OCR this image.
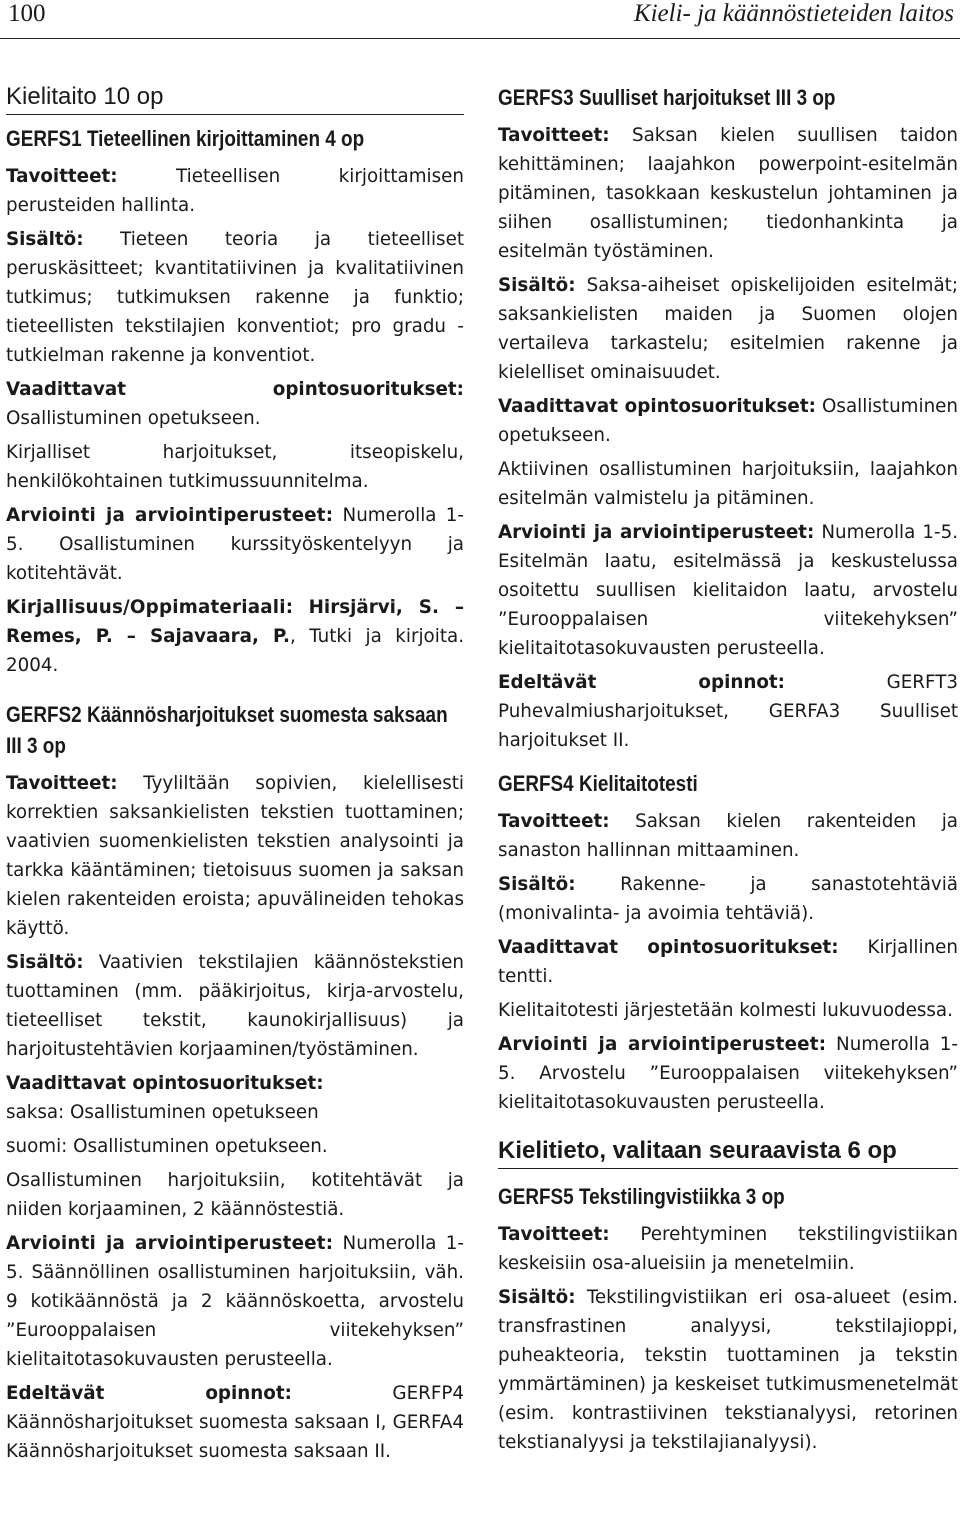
100	Kieli- ja käännöstieteiden laitos
Kielitaito 10 op
GERFS1 Tieteellinen kirjoittaminen 4 op

Tavoitteet:	Tieteellisen kirjoittamisen perusteiden hallinta.

Sisältö: Tieteen teoria ja tieteelliset peruskäsitteet; kvantitatiivinen ja kvalitatiivinen tutkimus; tutkimuksen rakenne ja funktio; tieteellisten tekstilajien konventiot; pro gradu -tutkielman rakenne ja konventiot.

Vaadittavat opintosuoritukset: Osallistuminen opetukseen.

Kirjalliset harjoitukset, itseopiskelu, henkilökohtainen tutkimussuunnitelma.

Arviointi ja arviointiperusteet: Numerolla 1-5. Osallistuminen kurssityöskentelyyn ja kotitehtävät.

Kirjallisuus/Oppimateriaali: Hirsjärvi, S. – Remes, P. – Sajavaara, P., Tutki ja kirjoita. 2004.

GERFS2 Käännösharjoitukset suomesta saksaan III 3 op

Tavoitteet: Tyyliltään sopivien, kielellisesti korrektien saksankielisten tekstien tuottaminen; vaativien suomenkielisten tekstien analysointi ja tarkka kääntäminen; tietoisuus suomen ja saksan kielen rakenteiden eroista; apuvälineiden tehokas käyttö.

Sisältö: Vaativien tekstilajien käännöstekstien tuottaminen (mm. pääkirjoitus, kirja-arvostelu, tieteelliset tekstit, kaunokirjallisuus) ja harjoitustehtävien korjaaminen/työstäminen.

Vaadittavat opintosuoritukset:

saksa: Osallistuminen opetukseen

suomi: Osallistuminen opetukseen.

Osallistuminen harjoituksiin, kotitehtävät ja niiden korjaaminen, 2 käännöstestiä.

Arviointi ja arviointiperusteet: Numerolla 1-5. Säännöllinen osallistuminen harjoituksiin, väh. 9 kotikäännöstä ja 2 käännöskoetta, arvostelu ”Eurooppalaisen viitekehyksen” kielitaitotasokuvausten perusteella.

Edeltävät opinnot:	GERFP4 Käännösharjoitukset suomesta saksaan I, GERFA4 Käännösharjoitukset suomesta saksaan II.

GERFS3 Suulliset harjoitukset III 3 op

Tavoitteet: Saksan kielen suullisen taidon kehittäminen; laajahkon powerpoint-esitelmän pitäminen, tasokkaan keskustelun johtaminen ja siihen osallistuminen; tiedonhankinta ja esitelmän työstäminen.

Sisältö: Saksa-aiheiset opiskelijoiden esitelmät; saksankielisten maiden ja Suomen olojen vertaileva tarkastelu; esitelmien rakenne ja kielelliset ominaisuudet.

Vaadittavat opintosuoritukset: Osallistuminen opetukseen.

Aktiivinen osallistuminen harjoituksiin, laajahkon esitelmän valmistelu ja pitäminen.

Arviointi ja arviointiperusteet: Numerolla 1-5. Esitelmän laatu, esitelmässä ja keskustelussa osoitettu suullisen kielitaidon laatu, arvostelu ”Eurooppalaisen viitekehyksen” kielitaitotasokuvausten perusteella.

Edeltävät opinnot:	GERFT3 Puhevalmiusharjoitukset, GERFA3 Suulliset harjoitukset II.

GERFS4 Kielitaitotesti

Tavoitteet: Saksan kielen rakenteiden ja sanaston hallinnan mittaaminen.

Sisältö: Rakenne- ja sanastotehtäviä (monivalinta- ja avoimia tehtäviä).

Vaadittavat opintosuoritukset: Kirjallinen tentti.

Kielitaitotesti järjestetään kolmesti lukuvuodessa.

Arviointi ja arviointiperusteet: Numerolla 1-5. Arvostelu ”Eurooppalaisen viitekehyksen” kielitaitotasokuvausten perusteella.

Kielitieto, valitaan seuraavista 6 op
GERFS5 Tekstilingvistiikka 3 op

Tavoitteet: Perehtyminen tekstilingvistiikan keskeisiin osa-alueisiin ja menetelmiin.

Sisältö: Tekstilingvistiikan eri osa-alueet (esim. transfrastinen analyysi, tekstilajioppi, puheakteoria, tekstin tuottaminen ja tekstin ymmärtäminen) ja keskeiset tutkimusmenetelmät (esim. kontrastiivinen tekstianalyysi, retorinen tekstianalyysi ja tekstilajianalyysi).
